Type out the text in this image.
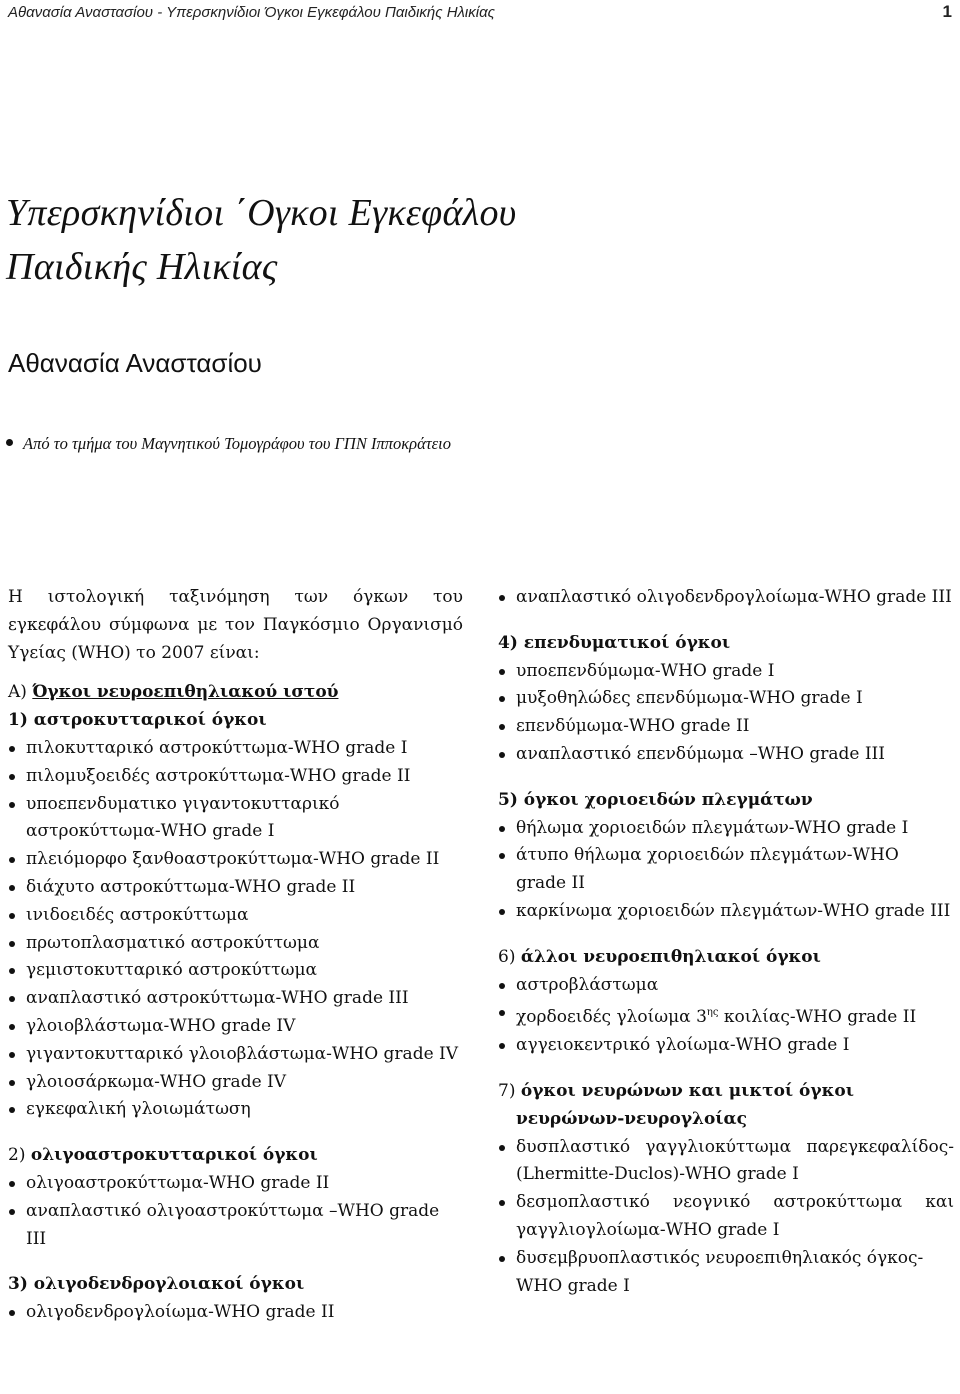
Αθανασία Αναστασίου - Υπερσκηνίδιοι Όγκοι Εγκεφάλου Παιδικής Ηλικίας	1
Υπερσκηνίδιοι ΄Ογκοι Εγκεφάλου
Παιδικής Ηλικίας
Αθανασία Αναστασίου
Από το τμήμα του Μαγνητικού Τομογράφου του ΓΠΝ Ιπποκράτειο

Η ιστολογική ταξινόμηση των όγκων του εγκεφάλου σύμφωνα με τον Παγκόσμιο Οργανισμό Υγείας (WHO) το 2007 είναι:

Α) Όγκοι νευροεπιθηλιακού ιστού
1) αστροκυτταρικοί όγκοι
πιλοκυτταρικό αστροκύττωμα-WHO grade I
πιλομυξοειδές αστροκύττωμα-WHO grade II
υποεπενδυματικο γιγαντοκυτταρικό αστροκύττωμα-WHO grade I
πλειόμορφο ξανθοαστροκύττωμα-WHO grade II
διάχυτο αστροκύττωμα-WHO grade II
ινιδοειδές αστροκύττωμα
πρωτοπλασματικό αστροκύττωμα
γεμιστοκυτταρικό αστροκύττωμα
αναπλαστικό αστροκύττωμα-WHO grade III
γλοιοβλάστωμα-WHO grade IV
γιγαντοκυτταρικό γλοιοβλάστωμα-WHO grade IV
γλοιοσάρκωμα-WHO grade IV
εγκεφαλική γλοιωμάτωση
2) ολιγοαστροκυτταρικοί όγκοι
ολιγοαστροκύττωμα-WHO grade II
αναπλαστικό ολιγοαστροκύττωμα –WHO grade III
3) ολιγοδενδρογλοιακοί όγκοι
ολιγοδενδρογλοίωμα-WHO grade II
αναπλαστικό ολιγοδενδρογλοίωμα-WHO grade III
4) επενδυματικοί όγκοι
υποεπενδύμωμα-WHO grade I
μυξοθηλώδες επενδύμωμα-WHO grade I
επενδύμωμα-WHO grade II
αναπλαστικό επενδύμωμα –WHO grade III
5) όγκοι χοριοειδών πλεγμάτων
θήλωμα χοριοειδών πλεγμάτων-WHO grade I
άτυπο θήλωμα χοριοειδών πλεγμάτων-WHO grade II
καρκίνωμα χοριοειδών πλεγμάτων-WHO grade III
6) άλλοι νευροεπιθηλιακοί όγκοι
αστροβλάστωμα
χορδοειδές γλοίωμα $3^{\eta\varsigma}$ κοιλίας-WHO grade II
αγγειοκεντρικό γλοίωμα-WHO grade I
7) όγκοι νευρώνων και μικτοί όγκοι νευρώνων-νευρογλοίας
δυσπλαστικό γαγγλιοκύττωμα παρεγκεφαλίδος-(Lhermitte-Duclos)-WHO grade I
δεσμοπλαστικό νεογνικό αστροκύττωμα και γαγγλιογλοίωμα-WHO grade I
δυσεμβρυοπλαστικός νευροεπιθηλιακός όγκος-WHO grade I
